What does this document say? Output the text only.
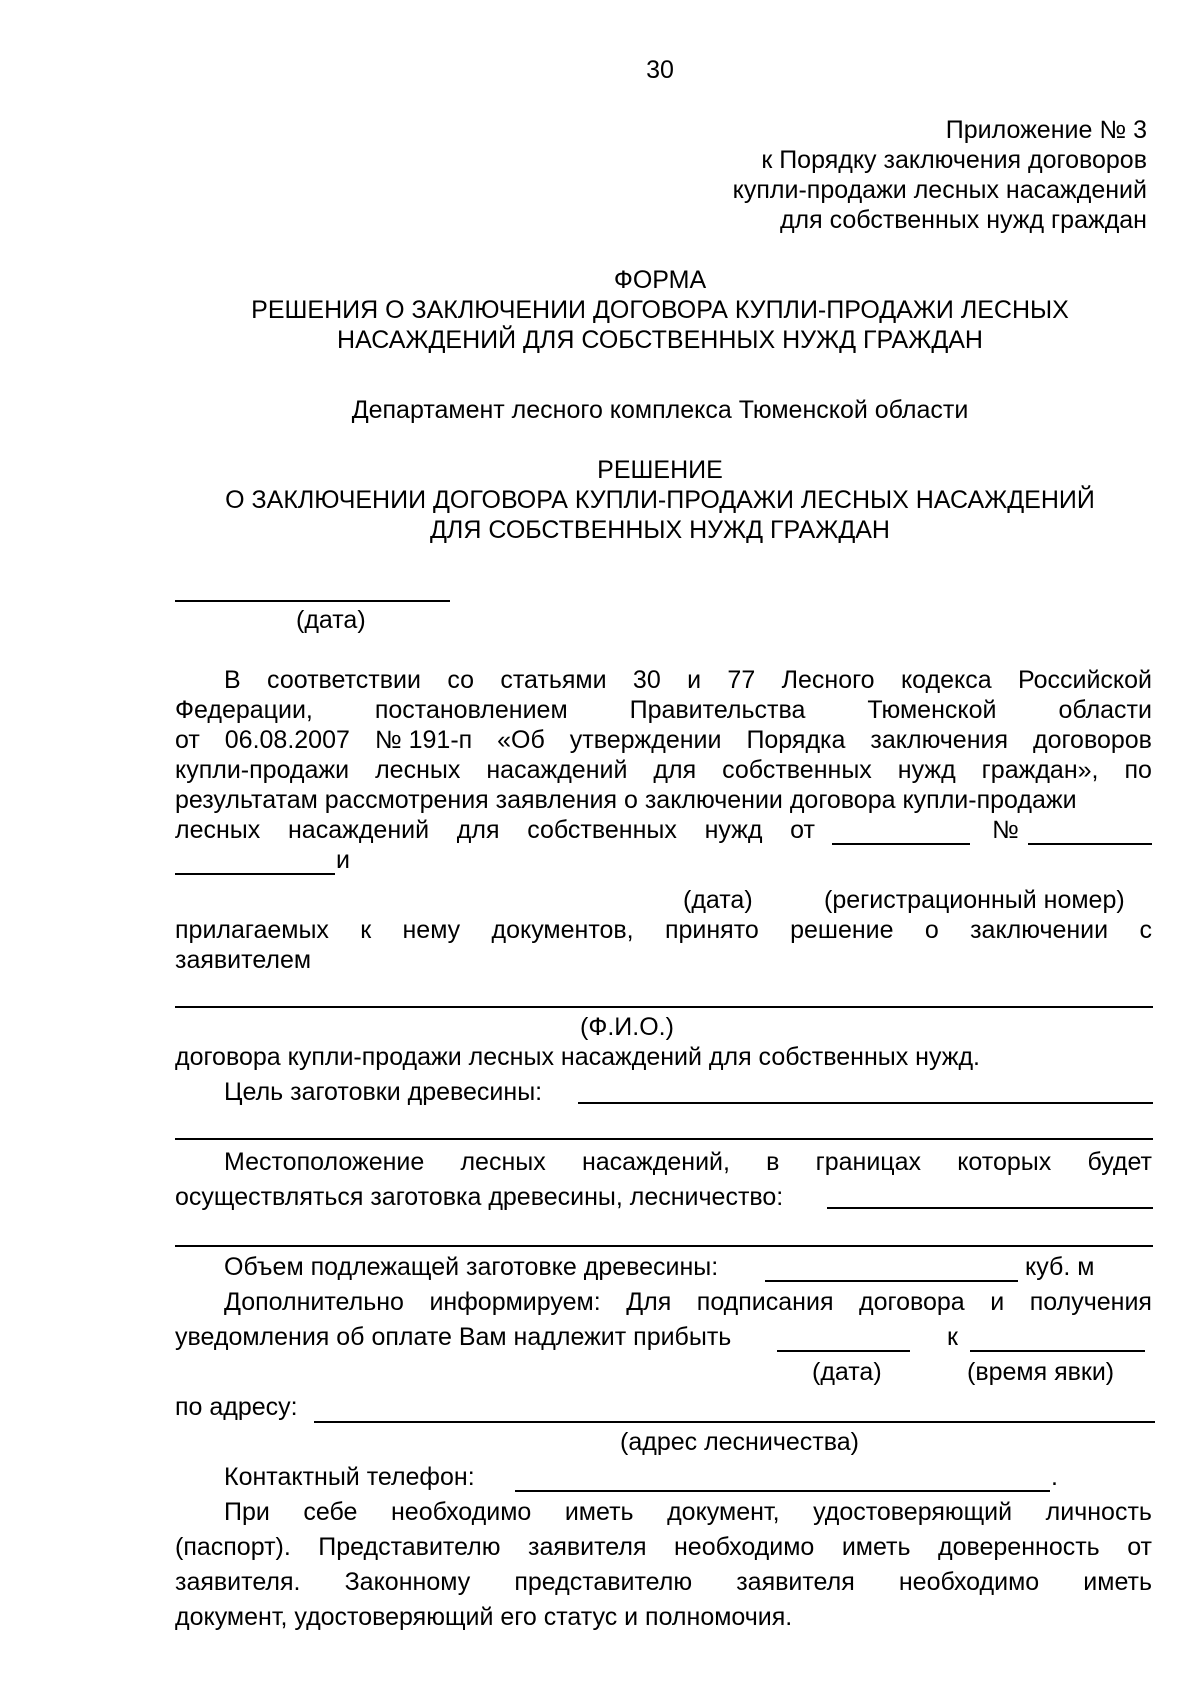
30
Приложение № 3
к Порядку заключения договоров
купли-продажи лесных насаждений
для собственных нужд граждан
ФОРМА
РЕШЕНИЯ О ЗАКЛЮЧЕНИИ ДОГОВОРА КУПЛИ-ПРОДАЖИ ЛЕСНЫХ
НАСАЖДЕНИЙ ДЛЯ СОБСТВЕННЫХ НУЖД ГРАЖДАН
Департамент лесного комплекса Тюменской области
РЕШЕНИЕ
О ЗАКЛЮЧЕНИИ ДОГОВОРА КУПЛИ-ПРОДАЖИ ЛЕСНЫХ НАСАЖДЕНИЙ
ДЛЯ СОБСТВЕННЫХ НУЖД ГРАЖДАН
(дата)
В соответствии со статьями 30 и 77 Лесного кодекса Российской
Федерации, постановлением Правительства Тюменской области
от 06.08.2007 № 191-п «Об утверждении Порядка заключения договоров
купли-продажи лесных насаждений для собственных нужд граждан», по
результатам рассмотрения заявления о заключении договора купли-продажи
лесных насаждений для собственных нужд от	№
и
(дата)	(регистрационный номер)
прилагаемых к нему документов, принято решение о заключении с
заявителем
(Ф.И.О.)
договора купли-продажи лесных насаждений для собственных нужд.
Цель заготовки древесины:
Местоположение лесных насаждений, в границах которых будет
осуществляться заготовка древесины, лесничество:
Объем подлежащей заготовке древесины:	куб. м
Дополнительно информируем: Для подписания договора и получения
уведомления об оплате Вам надлежит прибыть	к
(дата)	(время явки)
по адресу:
(адрес лесничества)
Контактный телефон:	.
При себе необходимо иметь документ, удостоверяющий личность
(паспорт). Представителю заявителя необходимо иметь доверенность от
заявителя. Законному представителю заявителя необходимо иметь
документ, удостоверяющий его статус и полномочия.
